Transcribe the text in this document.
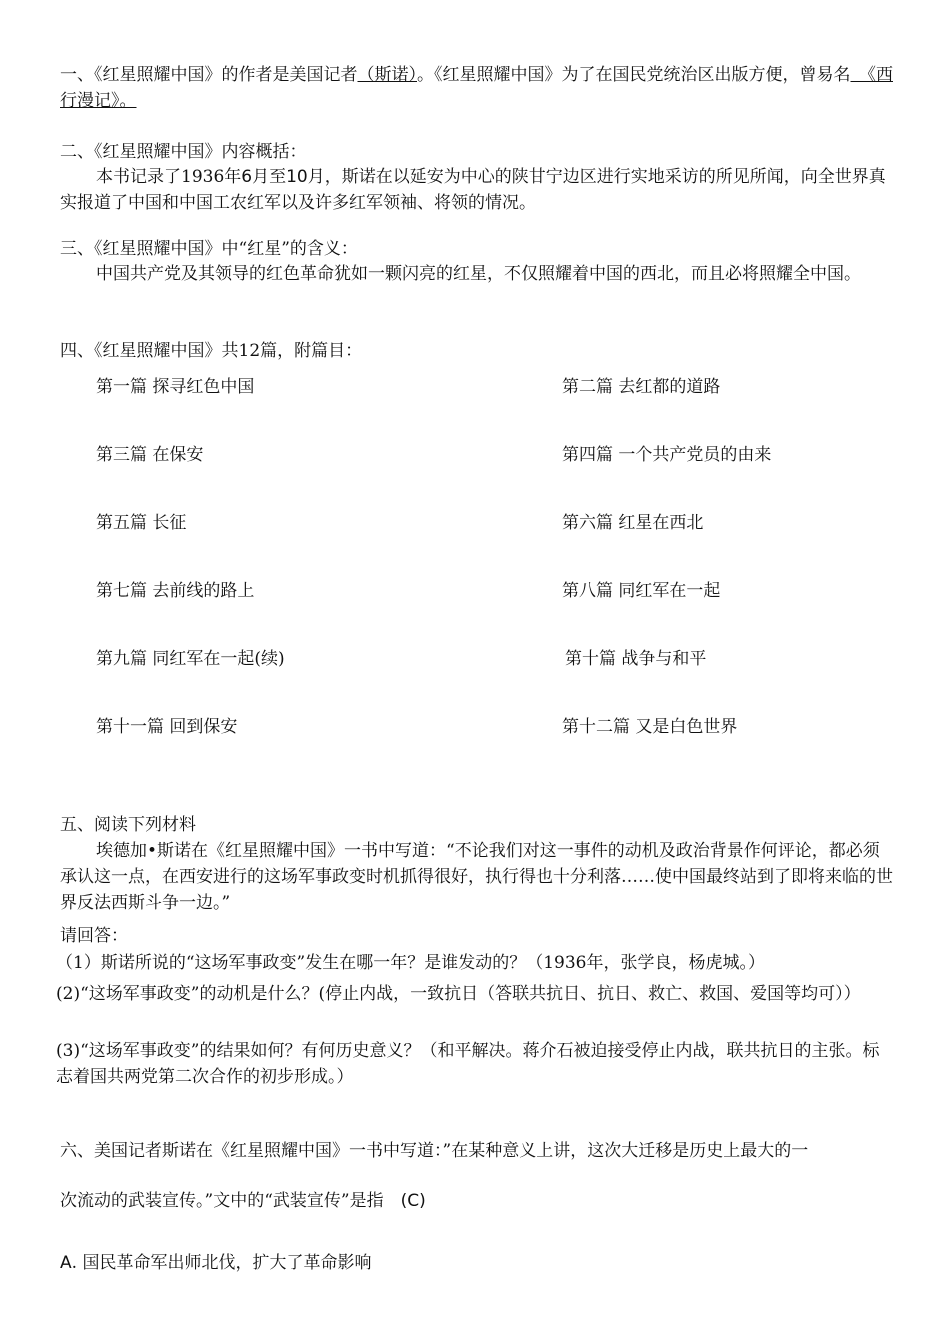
一、《红星照耀中国》的作者是美国记者（斯诺）。《红星照耀中国》为了在国民党统治区出版方便，曾易名　《西行漫记》。

二、《红星照耀中国》内容概括：

本书记录了1936年6月至10月，斯诺在以延安为中心的陕甘宁边区进行实地采访的所见所闻，向全世界真实报道了中国和中国工农红军以及许多红军领袖、将领的情况。

三、《红星照耀中国》中“红星”的含义：

中国共产党及其领导的红色革命犹如一颗闪亮的红星，不仅照耀着中国的西北，而且必将照耀全中国。

四、《红星照耀中国》共12篇，附篇目：

第一篇 探寻红色中国	第二篇 去红都的道路
第三篇 在保安	第四篇 一个共产党员的由来
第五篇 长征	第六篇 红星在西北
第七篇 去前线的路上	第八篇 同红军在一起
第九篇 同红军在一起(续)	第十篇 战争与和平
第十一篇 回到保安	第十二篇 又是白色世界

五、阅读下列材料

埃德加•斯诺在《红星照耀中国》一书中写道：“不论我们对这一事件的动机及政治背景作何评论，都必须承认这一点，在西安进行的这场军事政变时机抓得很好，执行得也十分利落……使中国最终站到了即将来临的世界反法西斯斗争一边。”

请回答：

（1）斯诺所说的“这场军事政变”发生在哪一年？是谁发动的？（1936年，张学良，杨虎城。）

(2)“这场军事政变”的动机是什么？(停止内战，一致抗日（答联共抗日、抗日、救亡、救国、爱国等均可））

(3)“这场军事政变”的结果如何？有何历史意义？（和平解决。蒋介石被迫接受停止内战，联共抗日的主张。标志着国共两党第二次合作的初步形成。）

六、美国记者斯诺在《红星照耀中国》一书中写道：”在某种意义上讲，这次大迁移是历史上最大的一

次流动的武装宣传。”文中的“武装宣传”是指　(C)

A. 国民革命军出师北伐，扩大了革命影响
